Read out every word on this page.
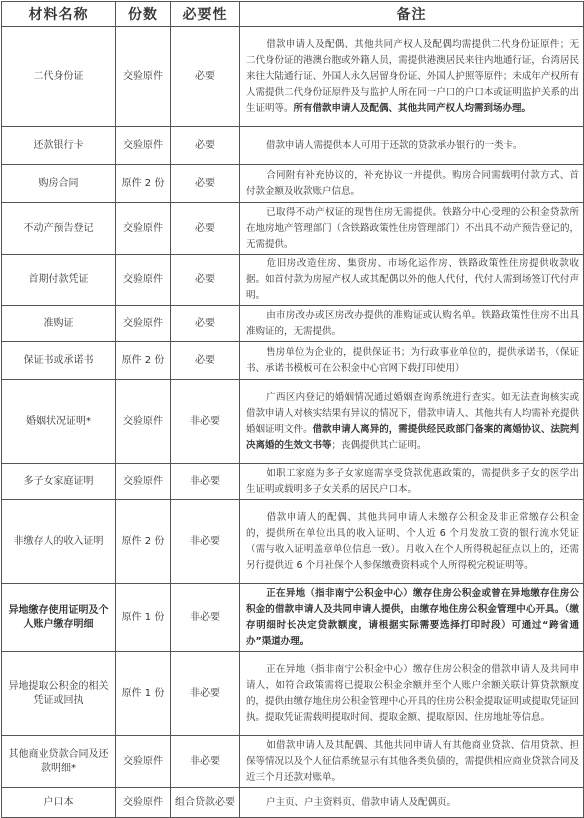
材料名称	份数	必要性	备注
二代身份证	交验原件	必要	借款申请人及配偶、其他共同产权人及配偶均需提供二代身份证原件；无二代身份证的港澳台胞或外籍人员，需提供港澳居民来往内地通行证，台湾居民来往大陆通行证、外国人永久居留身份证、外国人护照等原件；未成年产权所有人需提供二代身份证原件及与监护人所在同一户口的户口本或证明监护关系的出生证明等。所有借款申请人及配偶、其他共同产权人均需到场办理。
还款银行卡	交验原件	必要	借款申请人需提供本人可用于还款的贷款承办银行的一类卡。
购房合同	原件 2 份	必要	合同附有补充协议的，补充协议一并提供。购房合同需载明付款方式、首付款金额及收款账户信息。
不动产预告登记	交验原件	必要	已取得不动产权证的现售住房无需提供。铁路分中心受理的公积金贷款所在地房地产管理部门（含铁路政策性住房管理部门）不出具不动产预告登记的，无需提供。
首期付款凭证	交验原件	必要	危旧房改造住房、集资房、市场化运作房、铁路政策性住房提供收款收据。如首付款为房屋产权人或其配偶以外的他人代付，代付人需到场签订代付声明。
准购证	交验原件	必要	由市房改办或区房改办提供的准购证或认购名单。铁路政策性住房不出具准购证的，无需提供。
保证书或承诺书	原件 2 份	必要	售房单位为企业的，提供保证书；为行政事业单位的，提供承诺书，（保证书、承诺书模板可在公积金中心官网下载打印使用）
婚姻状况证明*	交验原件	非必要	广西区内登记的婚姻情况通过婚姻查询系统进行查实。如无法查询核实或借款申请人对核实结果有异议的情况下，借款申请人、其他共有人均需补充提供婚姻证明文件。借款申请人离异的，需提供经民政部门备案的离婚协议、法院判决离婚的生效文书等；丧偶提供其亡证明。
多子女家庭证明	交验原件	非必要	如职工家庭为多子女家庭需享受贷款优惠政策的，需提供多子女的医学出生证明或载明多子女关系的居民户口本。
非缴存人的收入证明	原件 2 份	非必要	借款申请人的配偶、其他共同申请人未缴存公积金及非正常缴存公积金的，提供所在单位出具的收入证明、个人近 6 个月发放工资的银行流水凭证（需与收入证明盖章单位信息一致）。月收入在个人所得税起征点以上的，还需另行提供近 6 个月社保个人参保缴费资料或个人所得税完税证明等。
异地缴存使用证明及个人账户缴存明细	原件 1 份	非必要	正在异地（指非南宁公积金中心）缴存住房公积金或曾在异地缴存住房公积金的借款申请人及共同申请人提供，由缴存地住房公积金管理中心开具。（缴存明细时长决定贷款额度，请根据实际需要选择打印时段）可通过“跨省通办”渠道办理。
异地提取公积金的相关凭证或回执	原件 1 份	非必要	正在异地（指非南宁公积金中心）缴存住房公积金的借款申请人及共同申请人，如符合政策需将已提取公积金余额并至个人账户余额关联计算贷款额度的，提供由缴存地住房公积金管理中心开具的住房公积金提取证明或提取凭证回执。提取凭证需载明提取时间、提取金额、提取原因、住房地址等信息。
其他商业贷款合同及还款明细*	交验原件	非必要	如借款申请人及其配偶、其他共同申请人有其他商业贷款、信用贷款、担保等情况以及个人征信系统显示有其他各类负债的，需提供相应商业贷款合同及近三个月还款对账单。
户口本	交验原件	组合贷款必要	户主页、户主资料页、借款申请人及配偶页。
